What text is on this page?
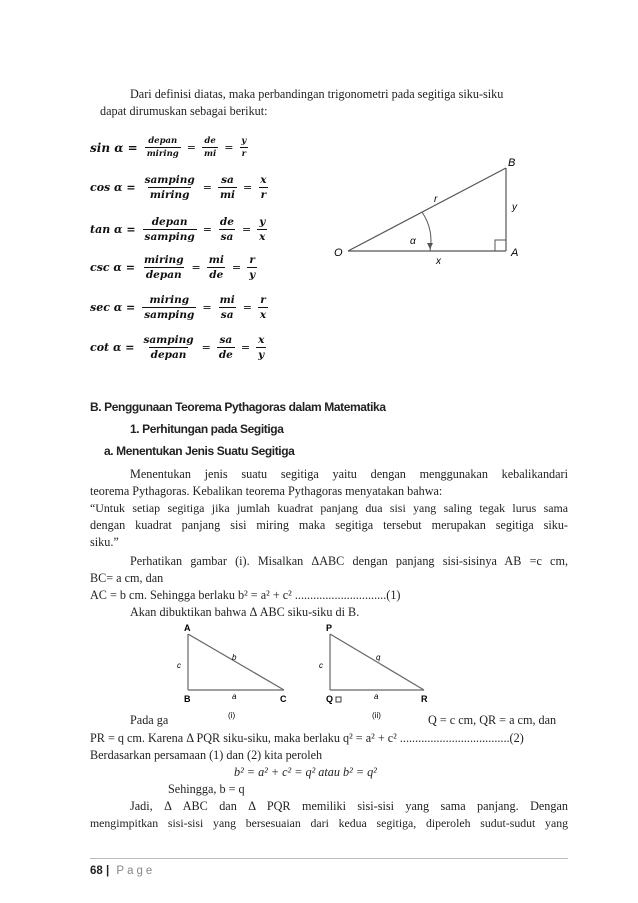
Dari definisi diatas, maka perbandingan trigonometri pada segitiga siku-siku
dapat dirumuskan sebagai berikut:
$\sin \alpha = \frac{\text{depan}}{\text{miring}} = \frac{de}{mi} = \frac{y}{r}$
$\cos \alpha = \frac{\text{samping}}{\text{miring}} = \frac{sa}{mi} = \frac{x}{r}$
$\tan \alpha = \frac{\text{depan}}{\text{samping}} = \frac{de}{sa} = \frac{y}{x}$
$\csc \alpha = \frac{\text{miring}}{\text{depan}} = \frac{mi}{de} = \frac{r}{y}$
$\sec \alpha = \frac{\text{miring}}{\text{samping}} = \frac{mi}{sa} = \frac{r}{x}$
$\cot \alpha = \frac{\text{samping}}{\text{depan}} = \frac{sa}{de} = \frac{x}{y}$
O	A
B
r
x
y
α
B. Penggunaan Teorema Pythagoras dalam Matematika
1. Perhitungan pada Segitiga
a. Menentukan Jenis Suatu Segitiga
Menentukan jenis suatu segitiga yaitu dengan menggunakan kebalikandari
teorema Pythagoras. Kebalikan teorema Pythagoras menyatakan bahwa:
“Untuk setiap segitiga jika jumlah kuadrat panjang dua sisi yang saling tegak lurus sama
dengan kuadrat panjang sisi miring maka segitiga tersebut merupakan segitiga siku-
siku.”
Perhatikan gambar (i). Misalkan ΔABC dengan panjang sisi-sisinya AB =c cm,
BC= a cm, dan
AC = b cm. Sehingga berlaku b² = a² + c² ..............................(1)
Akan dibuktikan bahwa Δ ABC siku-siku di B.
A
B	C
c
b
a
(i)
P
Q	R
c
q
a
(ii)
Pada ga	Q = c cm, QR = a cm, dan
PR = q cm. Karena Δ PQR siku-siku, maka berlaku q² = a² + c² ....................................(2)
Berdasarkan persamaan (1) dan (2) kita peroleh
b² = a² + c² = q² atau b² = q²
Sehingga, b = q
Jadi, Δ ABC dan Δ PQR memiliki sisi-sisi yang sama panjang. Dengan
mengimpitkan sisi-sisi yang bersesuaian dari kedua segitiga, diperoleh sudut-sudut yang
68 | Page
